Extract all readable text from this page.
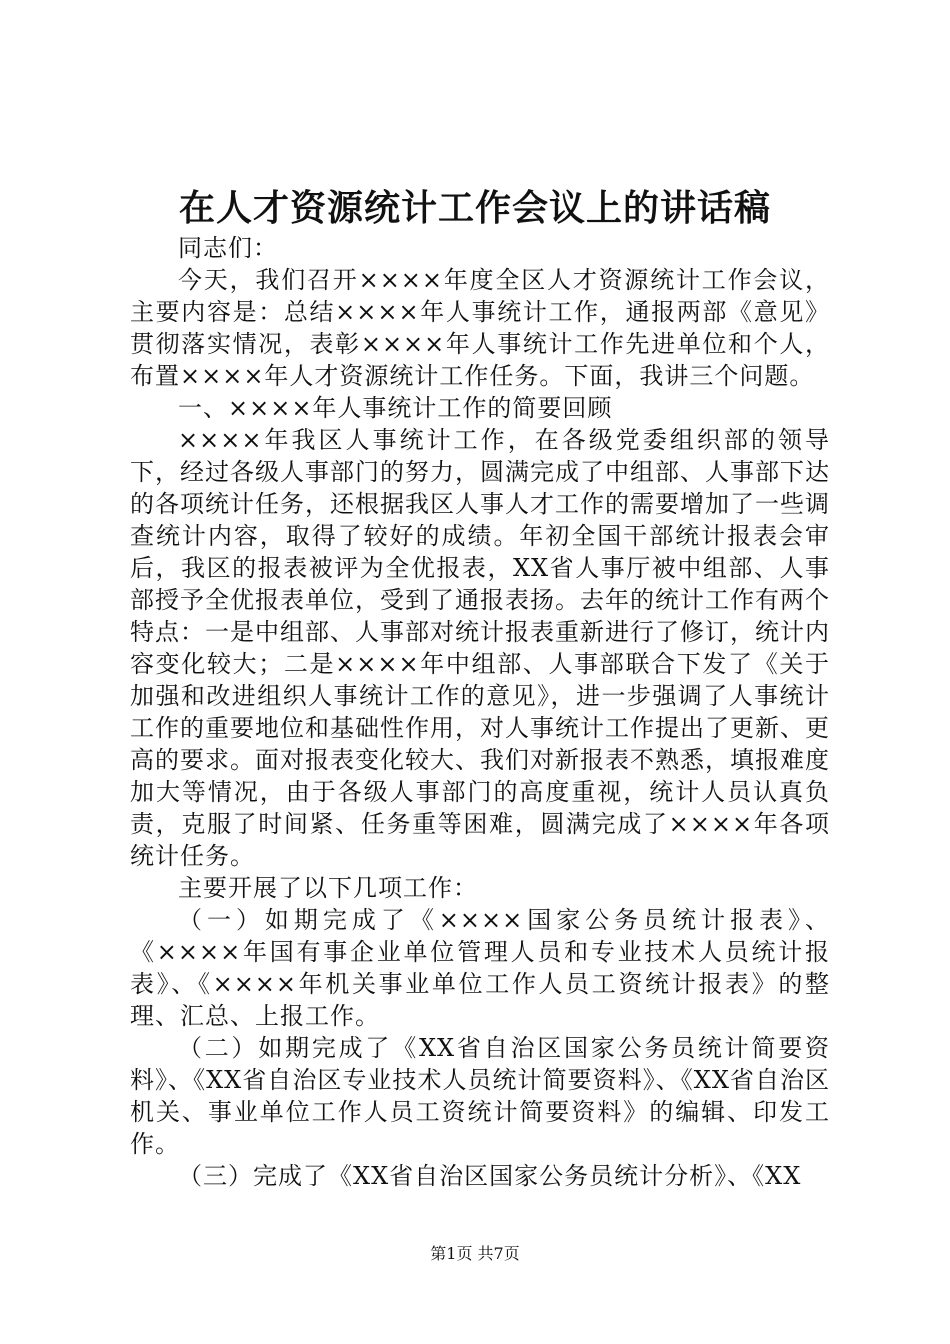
在人才资源统计工作会议上的讲话稿

同志们：

今天，我们召开××××年度全区人才资源统计工作会议，主要内容是：总结××××年人事统计工作，通报两部《意见》贯彻落实情况，表彰××××年人事统计工作先进单位和个人，布置××××年人才资源统计工作任务。下面，我讲三个问题。

一、××××年人事统计工作的简要回顾

××××年我区人事统计工作，在各级党委组织部的领导下，经过各级人事部门的努力，圆满完成了中组部、人事部下达的各项统计任务，还根据我区人事人才工作的需要增加了一些调查统计内容，取得了较好的成绩。年初全国干部统计报表会审后，我区的报表被评为全优报表，XX省人事厅被中组部、人事部授予全优报表单位，受到了通报表扬。去年的统计工作有两个特点：一是中组部、人事部对统计报表重新进行了修订，统计内容变化较大；二是××××年中组部、人事部联合下发了《关于加强和改进组织人事统计工作的意见》，进一步强调了人事统计工作的重要地位和基础性作用，对人事统计工作提出了更新、更高的要求。面对报表变化较大、我们对新报表不熟悉，填报难度加大等情况，由于各级人事部门的高度重视，统计人员认真负责，克服了时间紧、任务重等困难，圆满完成了××××年各项统计任务。

主要开展了以下几项工作：

（一）如期完成了《××××国家公务员统计报表》、《××××年国有事企业单位管理人员和专业技术人员统计报表》、《××××年机关事业单位工作人员工资统计报表》的整理、汇总、上报工作。

（二）如期完成了《XX省自治区国家公务员统计简要资料》、《XX省自治区专业技术人员统计简要资料》、《XX省自治区机关、事业单位工作人员工资统计简要资料》的编辑、印发工作。

（三）完成了《XX省自治区国家公务员统计分析》、《XX

第1页 共7页
